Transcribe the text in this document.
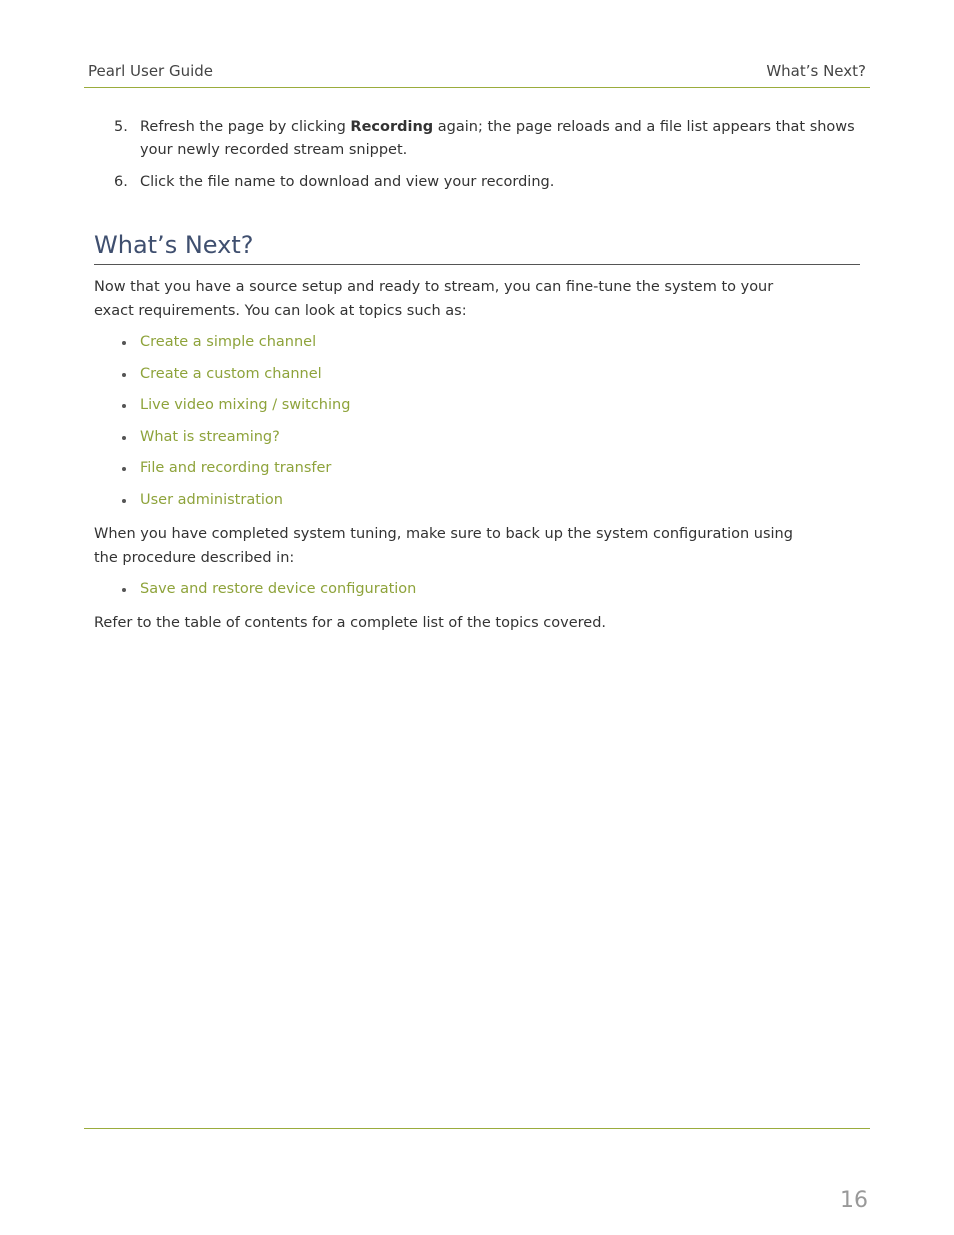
Pearl User Guide	What’s Next?
5. Refresh the page by clicking Recording again; the page reloads and a file list appears that shows your newly recorded stream snippet.
6. Click the file name to download and view your recording.
What’s Next?

Now that you have a source setup and ready to stream, you can fine-tune the system to your exact requirements. You can look at topics such as:

Create a simple channel
Create a custom channel
Live video mixing / switching
What is streaming?
File and recording transfer
User administration

When you have completed system tuning, make sure to back up the system configuration using the procedure described in:

Save and restore device configuration

Refer to the table of contents for a complete list of the topics covered.

16
